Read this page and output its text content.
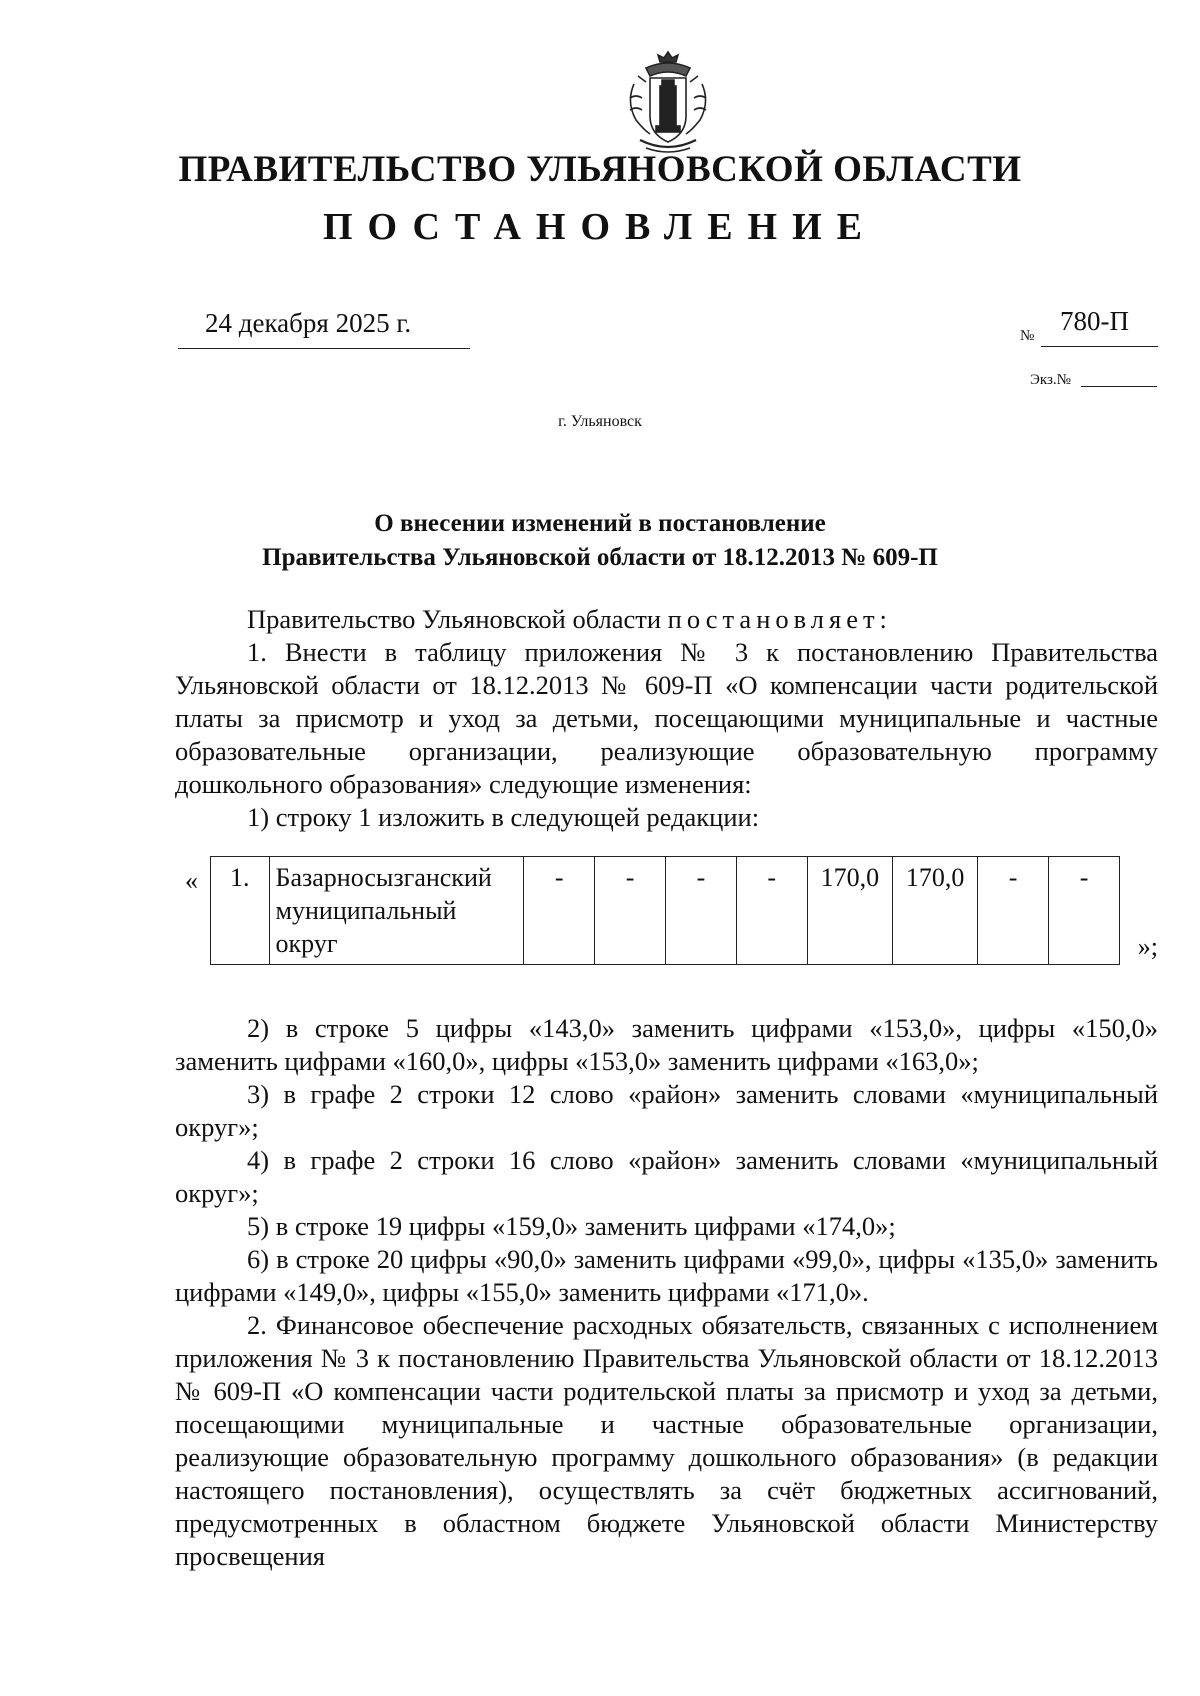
ПРАВИТЕЛЬСТВО УЛЬЯНОВСКОЙ ОБЛАСТИ
ПОСТАНОВЛЕНИЕ
24 декабря 2025 г.	№ 780-П
Экз.№
г. Ульяновск
О внесении изменений в постановление
Правительства Ульяновской области от 18.12.2013 № 609-П

Правительство Ульяновской области постановляет:

1. Внести в таблицу приложения № 3 к постановлению Правительства Ульяновской области от 18.12.2013 № 609-П «О компенсации части родительской платы за присмотр и уход за детьми, посещающими муниципальные и частные образовательные организации, реализующие образовательную программу дошкольного образования» следующие изменения:

1) строку 1 изложить в следующей редакции:

« 1.	Базарносызганский муниципальный округ	-	-	-	-	170,0	170,0	-	-
»;

2) в строке 5 цифры «143,0» заменить цифрами «153,0», цифры «150,0» заменить цифрами «160,0», цифры «153,0» заменить цифрами «163,0»;

3) в графе 2 строки 12 слово «район» заменить словами «муниципальный округ»;

4) в графе 2 строки 16 слово «район» заменить словами «муниципальный округ»;

5) в строке 19 цифры «159,0» заменить цифрами «174,0»;

6) в строке 20 цифры «90,0» заменить цифрами «99,0», цифры «135,0» заменить цифрами «149,0», цифры «155,0» заменить цифрами «171,0».

2. Финансовое обеспечение расходных обязательств, связанных с исполнением приложения № 3 к постановлению Правительства Ульяновской области от 18.12.2013 № 609-П «О компенсации части родительской платы за присмотр и уход за детьми, посещающими муниципальные и частные образовательные организации, реализующие образовательную программу дошкольного образования» (в редакции настоящего постановления), осуществлять за счёт бюджетных ассигнований, предусмотренных в областном бюджете Ульяновской области Министерству просвещения
